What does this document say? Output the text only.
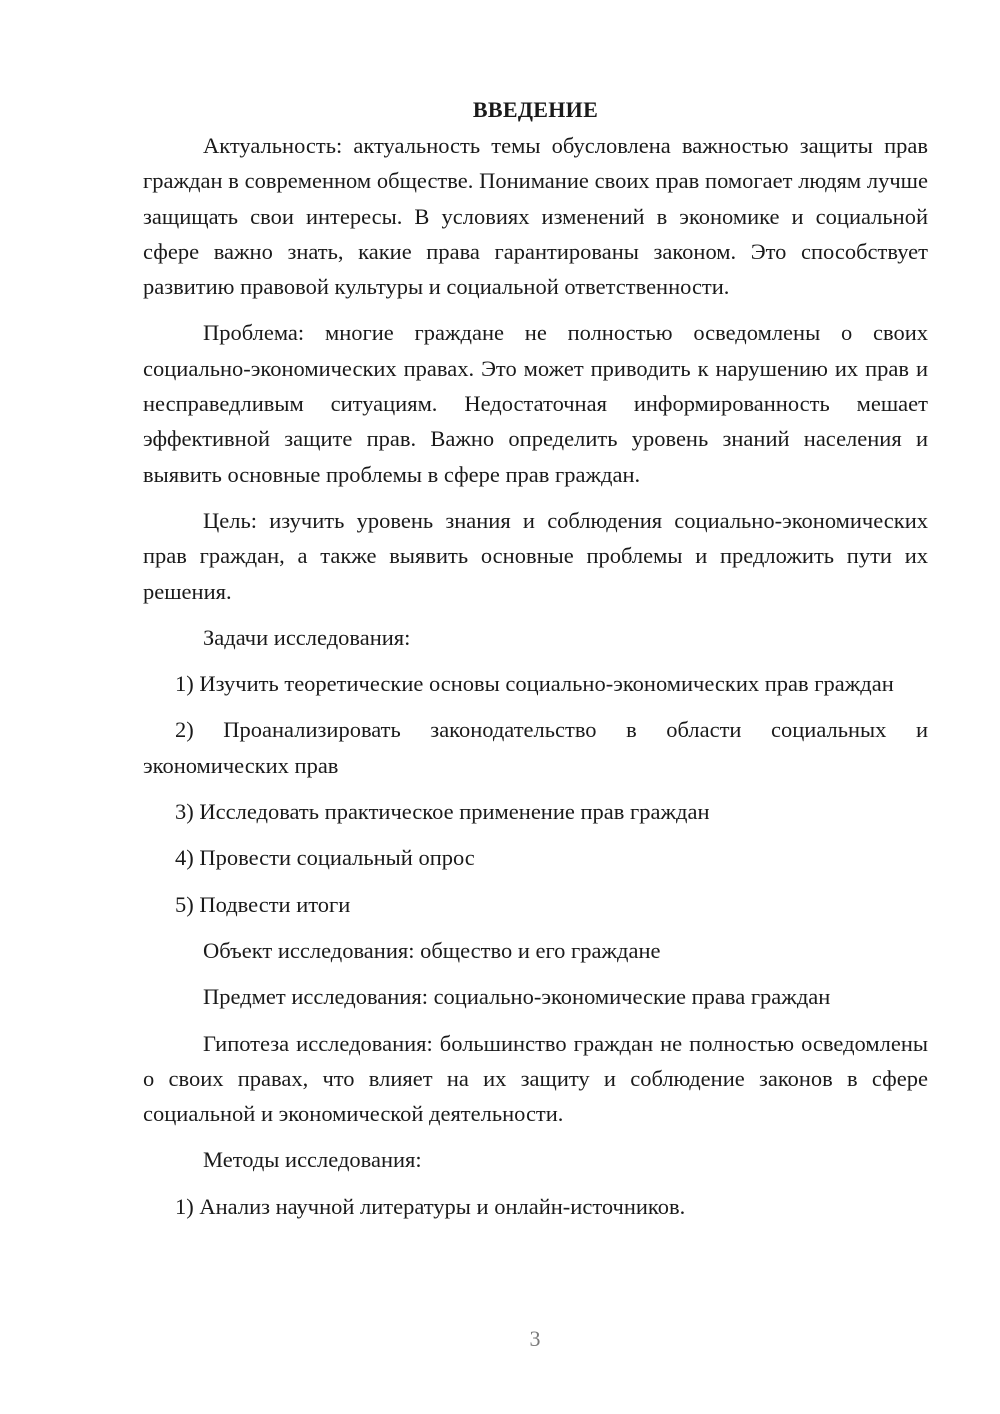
ВВЕДЕНИЕ

Актуальность: актуальность темы обусловлена важностью защиты прав граждан в современном обществе. Понимание своих прав помогает людям лучше защищать свои интересы. В условиях изменений в экономике и социальной сфере важно знать, какие права гарантированы законом. Это способствует развитию правовой культуры и социальной ответственности.

Проблема: многие граждане не полностью осведомлены о своих социально-экономических правах. Это может приводить к нарушению их прав и несправедливым ситуациям. Недостаточная информированность мешает эффективной защите прав. Важно определить уровень знаний населения и выявить основные проблемы в сфере прав граждан.

Цель: изучить уровень знания и соблюдения социально-экономических прав граждан, а также выявить основные проблемы и предложить пути их решения.

Задачи исследования:

1) Изучить теоретические основы социально-экономических прав граждан

2) Проанализировать законодательство в области социальных и экономических прав

3) Исследовать практическое применение прав граждан

4) Провести социальный опрос

5) Подвести итоги

Объект исследования: общество и его граждане

Предмет исследования: социально-экономические права граждан

Гипотеза исследования: большинство граждан не полностью осведомлены о своих правах, что влияет на их защиту и соблюдение законов в сфере социальной и экономической деятельности.

Методы исследования:

1) Анализ научной литературы и онлайн-источников.

3
